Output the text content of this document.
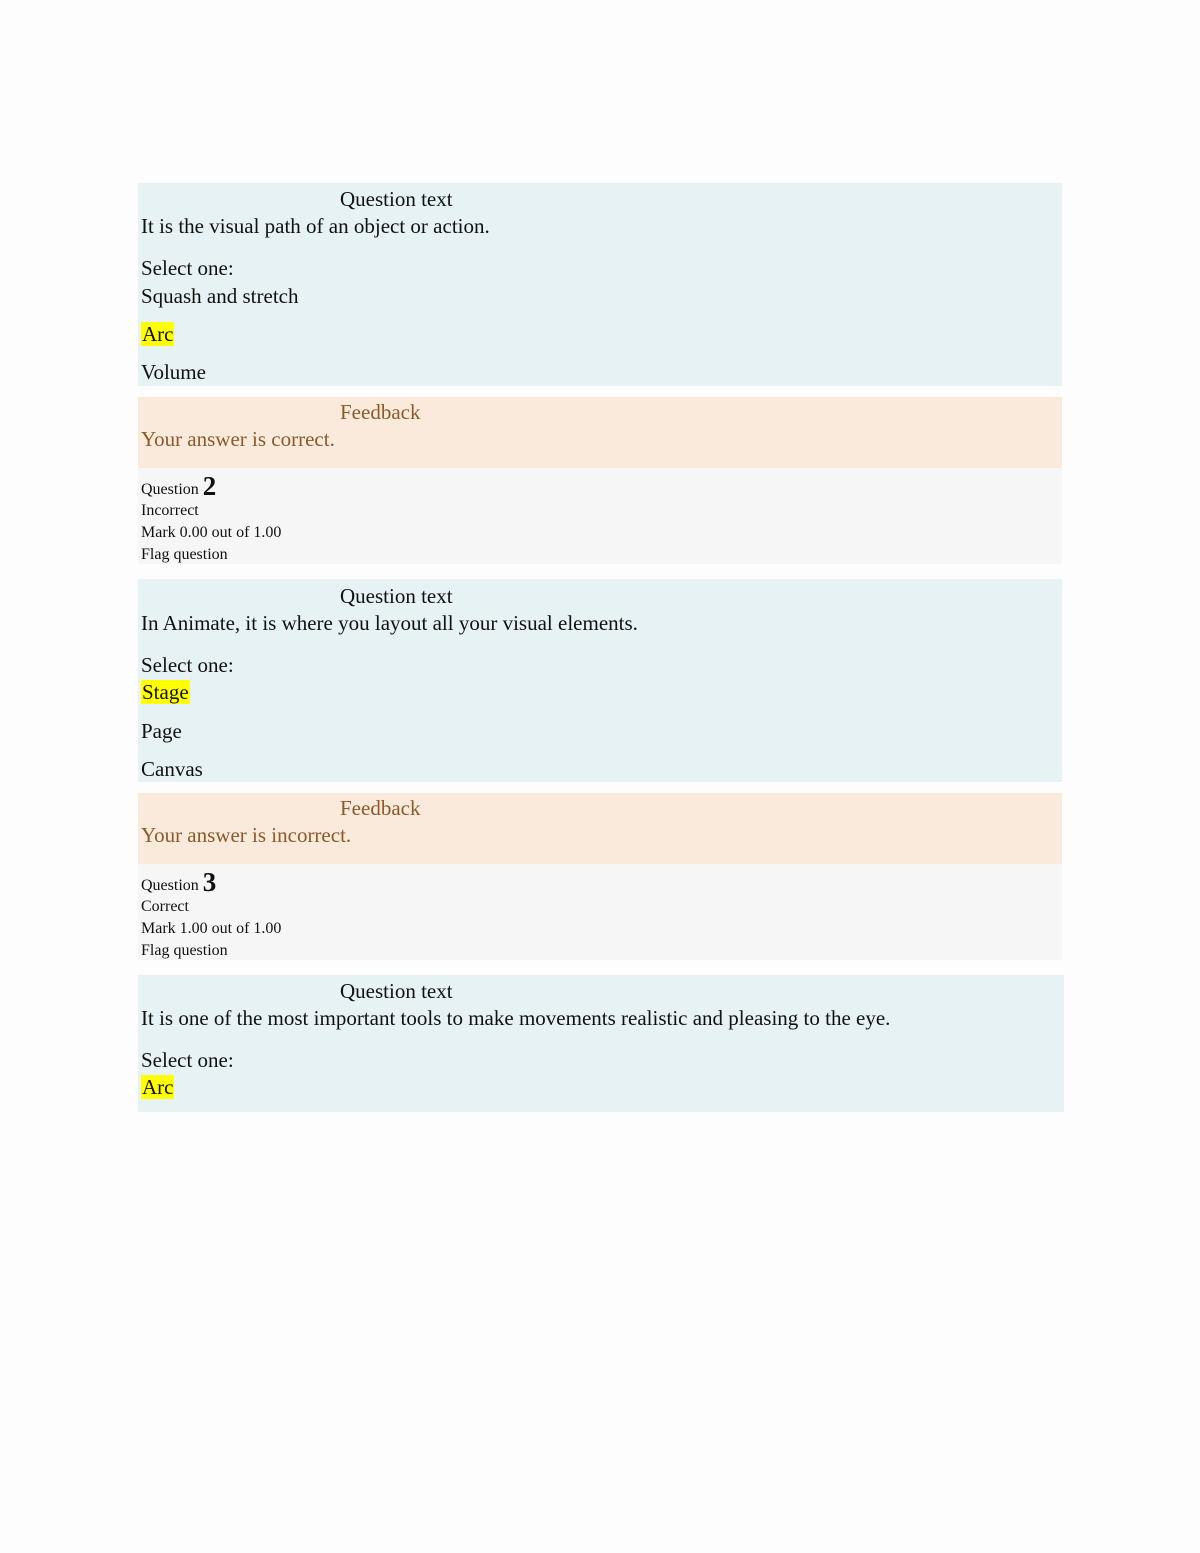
Question text
It is the visual path of an object or action.
Select one:
Squash and stretch
Arc
Volume
Feedback
Your answer is correct.
Question 2
Incorrect
Mark 0.00 out of 1.00
Flag question
Question text
In Animate, it is where you layout all your visual elements.
Select one:
Stage
Page
Canvas
Feedback
Your answer is incorrect.
Question 3
Correct
Mark 1.00 out of 1.00
Flag question
Question text
It is one of the most important tools to make movements realistic and pleasing to the eye.
Select one:
Arc
